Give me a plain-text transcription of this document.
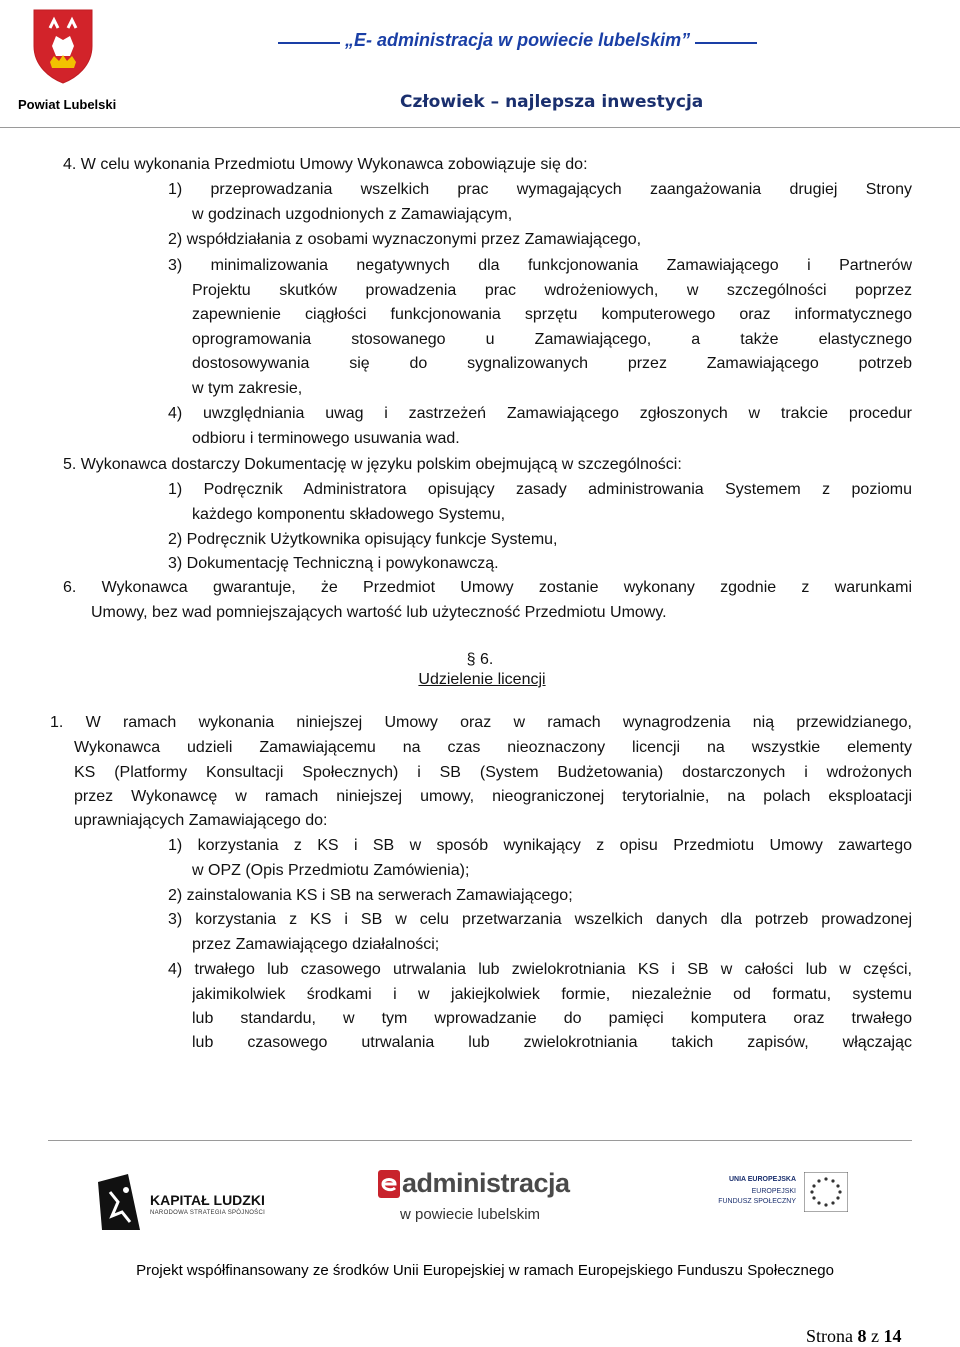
Powiat Lubelski
„E- administracja w powiecie lubelskim”
Człowiek – najlepsza inwestycja
4. W celu wykonania Przedmiotu Umowy Wykonawca zobowiązuje się do:
1) przeprowadzania wszelkich prac wymagających zaangażowania drugiej Strony
w godzinach uzgodnionych z Zamawiającym,
2) współdziałania z osobami wyznaczonymi przez Zamawiającego,
3) minimalizowania negatywnych dla funkcjonowania Zamawiającego i Partnerów
Projektu skutków prowadzenia prac wdrożeniowych, w szczególności poprzez
zapewnienie ciągłości funkcjonowania sprzętu komputerowego oraz informatycznego
oprogramowania stosowanego u Zamawiającego, a także elastycznego
dostosowywania się do sygnalizowanych przez Zamawiającego potrzeb
w tym zakresie,
4) uwzględniania uwag i zastrzeżeń Zamawiającego zgłoszonych w trakcie procedur
odbioru i terminowego usuwania wad.
5. Wykonawca dostarczy Dokumentację w języku polskim obejmującą w szczególności:
1) Podręcznik Administratora opisujący zasady administrowania Systemem z poziomu
każdego komponentu składowego Systemu,
2) Podręcznik Użytkownika opisujący funkcje Systemu,
3) Dokumentację Techniczną i powykonawczą.
6. Wykonawca gwarantuje, że Przedmiot Umowy zostanie wykonany zgodnie z warunkami
Umowy, bez wad pomniejszających wartość lub użyteczność Przedmiotu Umowy.
§ 6.
Udzielenie licencji
1. W ramach wykonania niniejszej Umowy oraz w ramach wynagrodzenia nią przewidzianego,
Wykonawca udzieli Zamawiającemu na czas nieoznaczony licencji na wszystkie elementy
KS (Platformy Konsultacji Społecznych) i SB (System Budżetowania) dostarczonych i wdrożonych
przez Wykonawcę w ramach niniejszej umowy, nieograniczonej terytorialnie, na polach eksploatacji
uprawniających Zamawiającego do:
1) korzystania z KS i SB w sposób wynikający z opisu Przedmiotu Umowy zawartego
w OPZ (Opis Przedmiotu Zamówienia);
2) zainstalowania KS i SB na serwerach Zamawiającego;
3) korzystania z KS i SB w celu przetwarzania wszelkich danych dla potrzeb prowadzonej
przez Zamawiającego działalności;
4) trwałego lub czasowego utrwalania lub zwielokrotniania KS i SB w całości lub w części,
jakimikolwiek środkami i w jakiejkolwiek formie, niezależnie od formatu, systemu
lub standardu, w tym wprowadzanie do pamięci komputera oraz trwałego
lub czasowego utrwalania lub zwielokrotniania takich zapisów, włączając
KAPITAŁ LUDZKI
NARODOWA STRATEGIA SPÓJNOŚCI
administracja
w powiecie lubelskim
UNIA EUROPEJSKA
EUROPEJSKI
FUNDUSZ SPOŁECZNY
Projekt współfinansowany ze środków Unii Europejskiej w ramach Europejskiego Funduszu Społecznego
Strona 8 z 14
